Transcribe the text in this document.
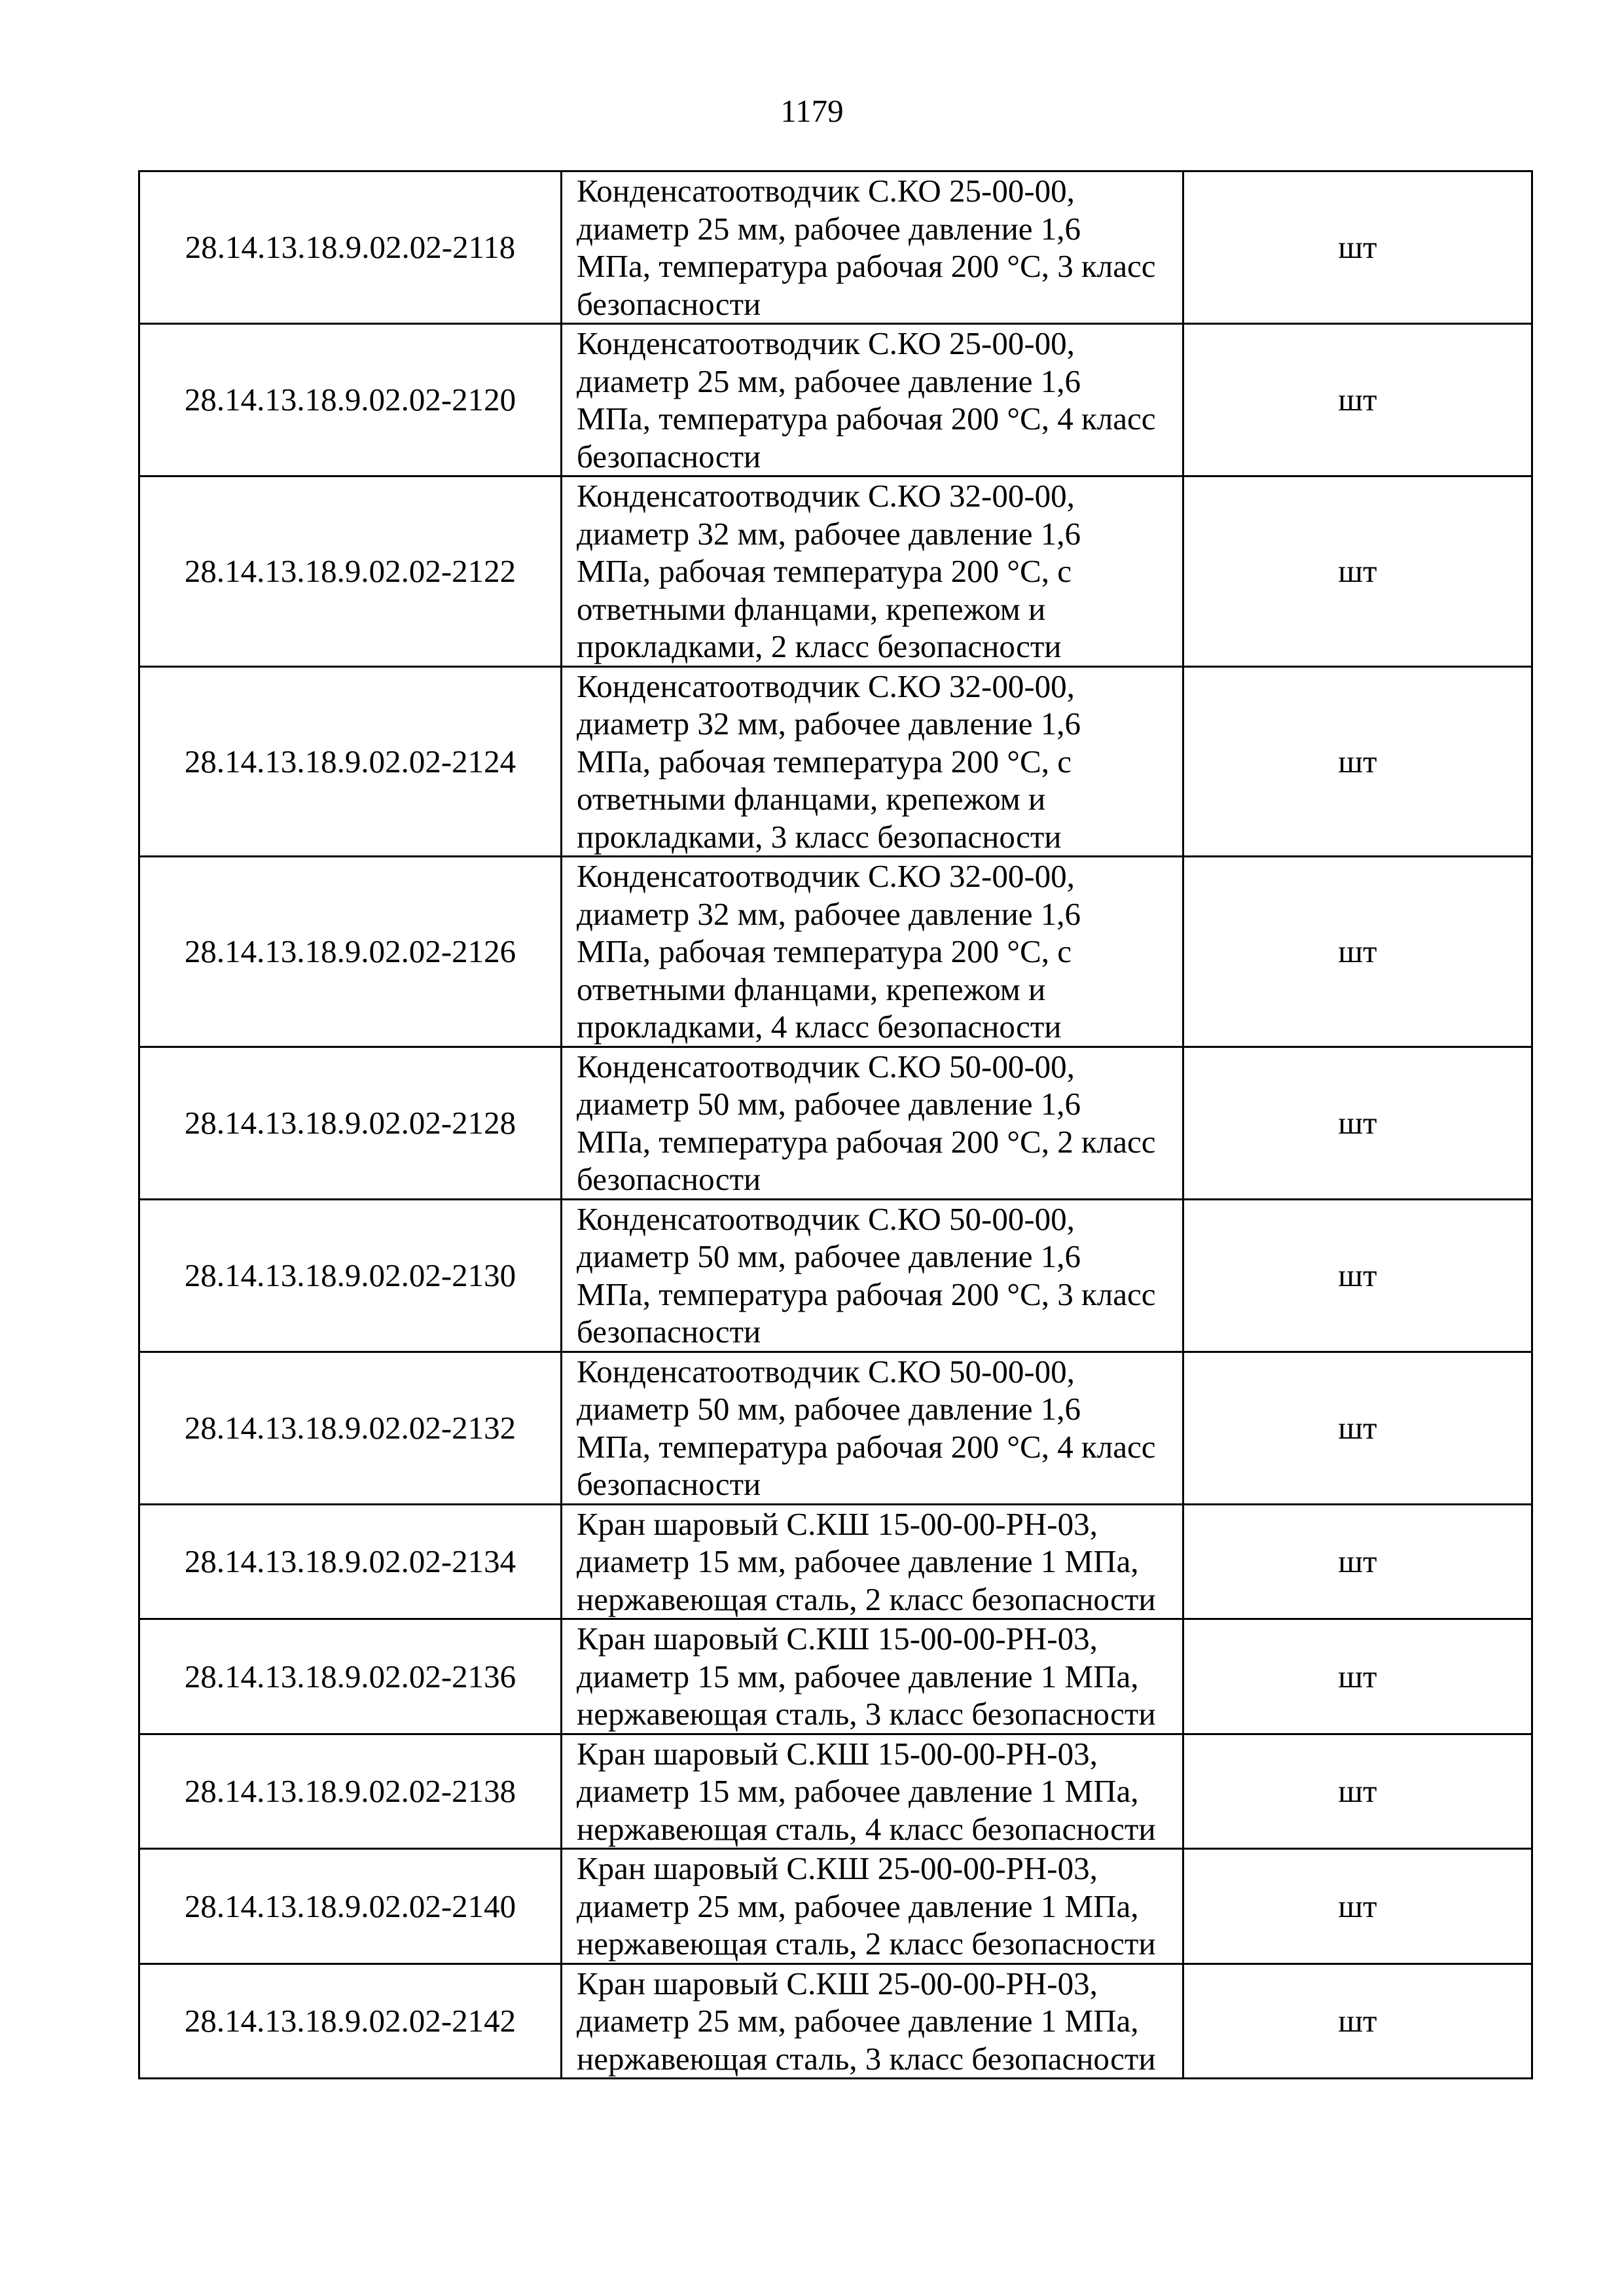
1179
28.14.13.18.9.02.02-2118	Конденсатоотводчик С.КО 25-00-00,
диаметр 25 мм, рабочее давление 1,6
МПа, температура рабочая 200 °С, 3 класс
безопасности	шт
28.14.13.18.9.02.02-2120	Конденсатоотводчик С.КО 25-00-00,
диаметр 25 мм, рабочее давление 1,6
МПа, температура рабочая 200 °С, 4 класс
безопасности	шт
28.14.13.18.9.02.02-2122	Конденсатоотводчик С.КО 32-00-00,
диаметр 32 мм, рабочее давление 1,6
МПа, рабочая температура 200 °С, с
ответными фланцами, крепежом и
прокладками, 2 класс безопасности	шт
28.14.13.18.9.02.02-2124	Конденсатоотводчик С.КО 32-00-00,
диаметр 32 мм, рабочее давление 1,6
МПа, рабочая температура 200 °С, с
ответными фланцами, крепежом и
прокладками, 3 класс безопасности	шт
28.14.13.18.9.02.02-2126	Конденсатоотводчик С.КО 32-00-00,
диаметр 32 мм, рабочее давление 1,6
МПа, рабочая температура 200 °С, с
ответными фланцами, крепежом и
прокладками, 4 класс безопасности	шт
28.14.13.18.9.02.02-2128	Конденсатоотводчик С.КО 50-00-00,
диаметр 50 мм, рабочее давление 1,6
МПа, температура рабочая 200 °С, 2 класс
безопасности	шт
28.14.13.18.9.02.02-2130	Конденсатоотводчик С.КО 50-00-00,
диаметр 50 мм, рабочее давление 1,6
МПа, температура рабочая 200 °С, 3 класс
безопасности	шт
28.14.13.18.9.02.02-2132	Конденсатоотводчик С.КО 50-00-00,
диаметр 50 мм, рабочее давление 1,6
МПа, температура рабочая 200 °С, 4 класс
безопасности	шт
28.14.13.18.9.02.02-2134	Кран шаровый С.КШ 15-00-00-РН-03,
диаметр 15 мм, рабочее давление 1 МПа,
нержавеющая сталь, 2 класс безопасности	шт
28.14.13.18.9.02.02-2136	Кран шаровый С.КШ 15-00-00-РН-03,
диаметр 15 мм, рабочее давление 1 МПа,
нержавеющая сталь, 3 класс безопасности	шт
28.14.13.18.9.02.02-2138	Кран шаровый С.КШ 15-00-00-РН-03,
диаметр 15 мм, рабочее давление 1 МПа,
нержавеющая сталь, 4 класс безопасности	шт
28.14.13.18.9.02.02-2140	Кран шаровый С.КШ 25-00-00-РН-03,
диаметр 25 мм, рабочее давление 1 МПа,
нержавеющая сталь, 2 класс безопасности	шт
28.14.13.18.9.02.02-2142	Кран шаровый С.КШ 25-00-00-РН-03,
диаметр 25 мм, рабочее давление 1 МПа,
нержавеющая сталь, 3 класс безопасности	шт
